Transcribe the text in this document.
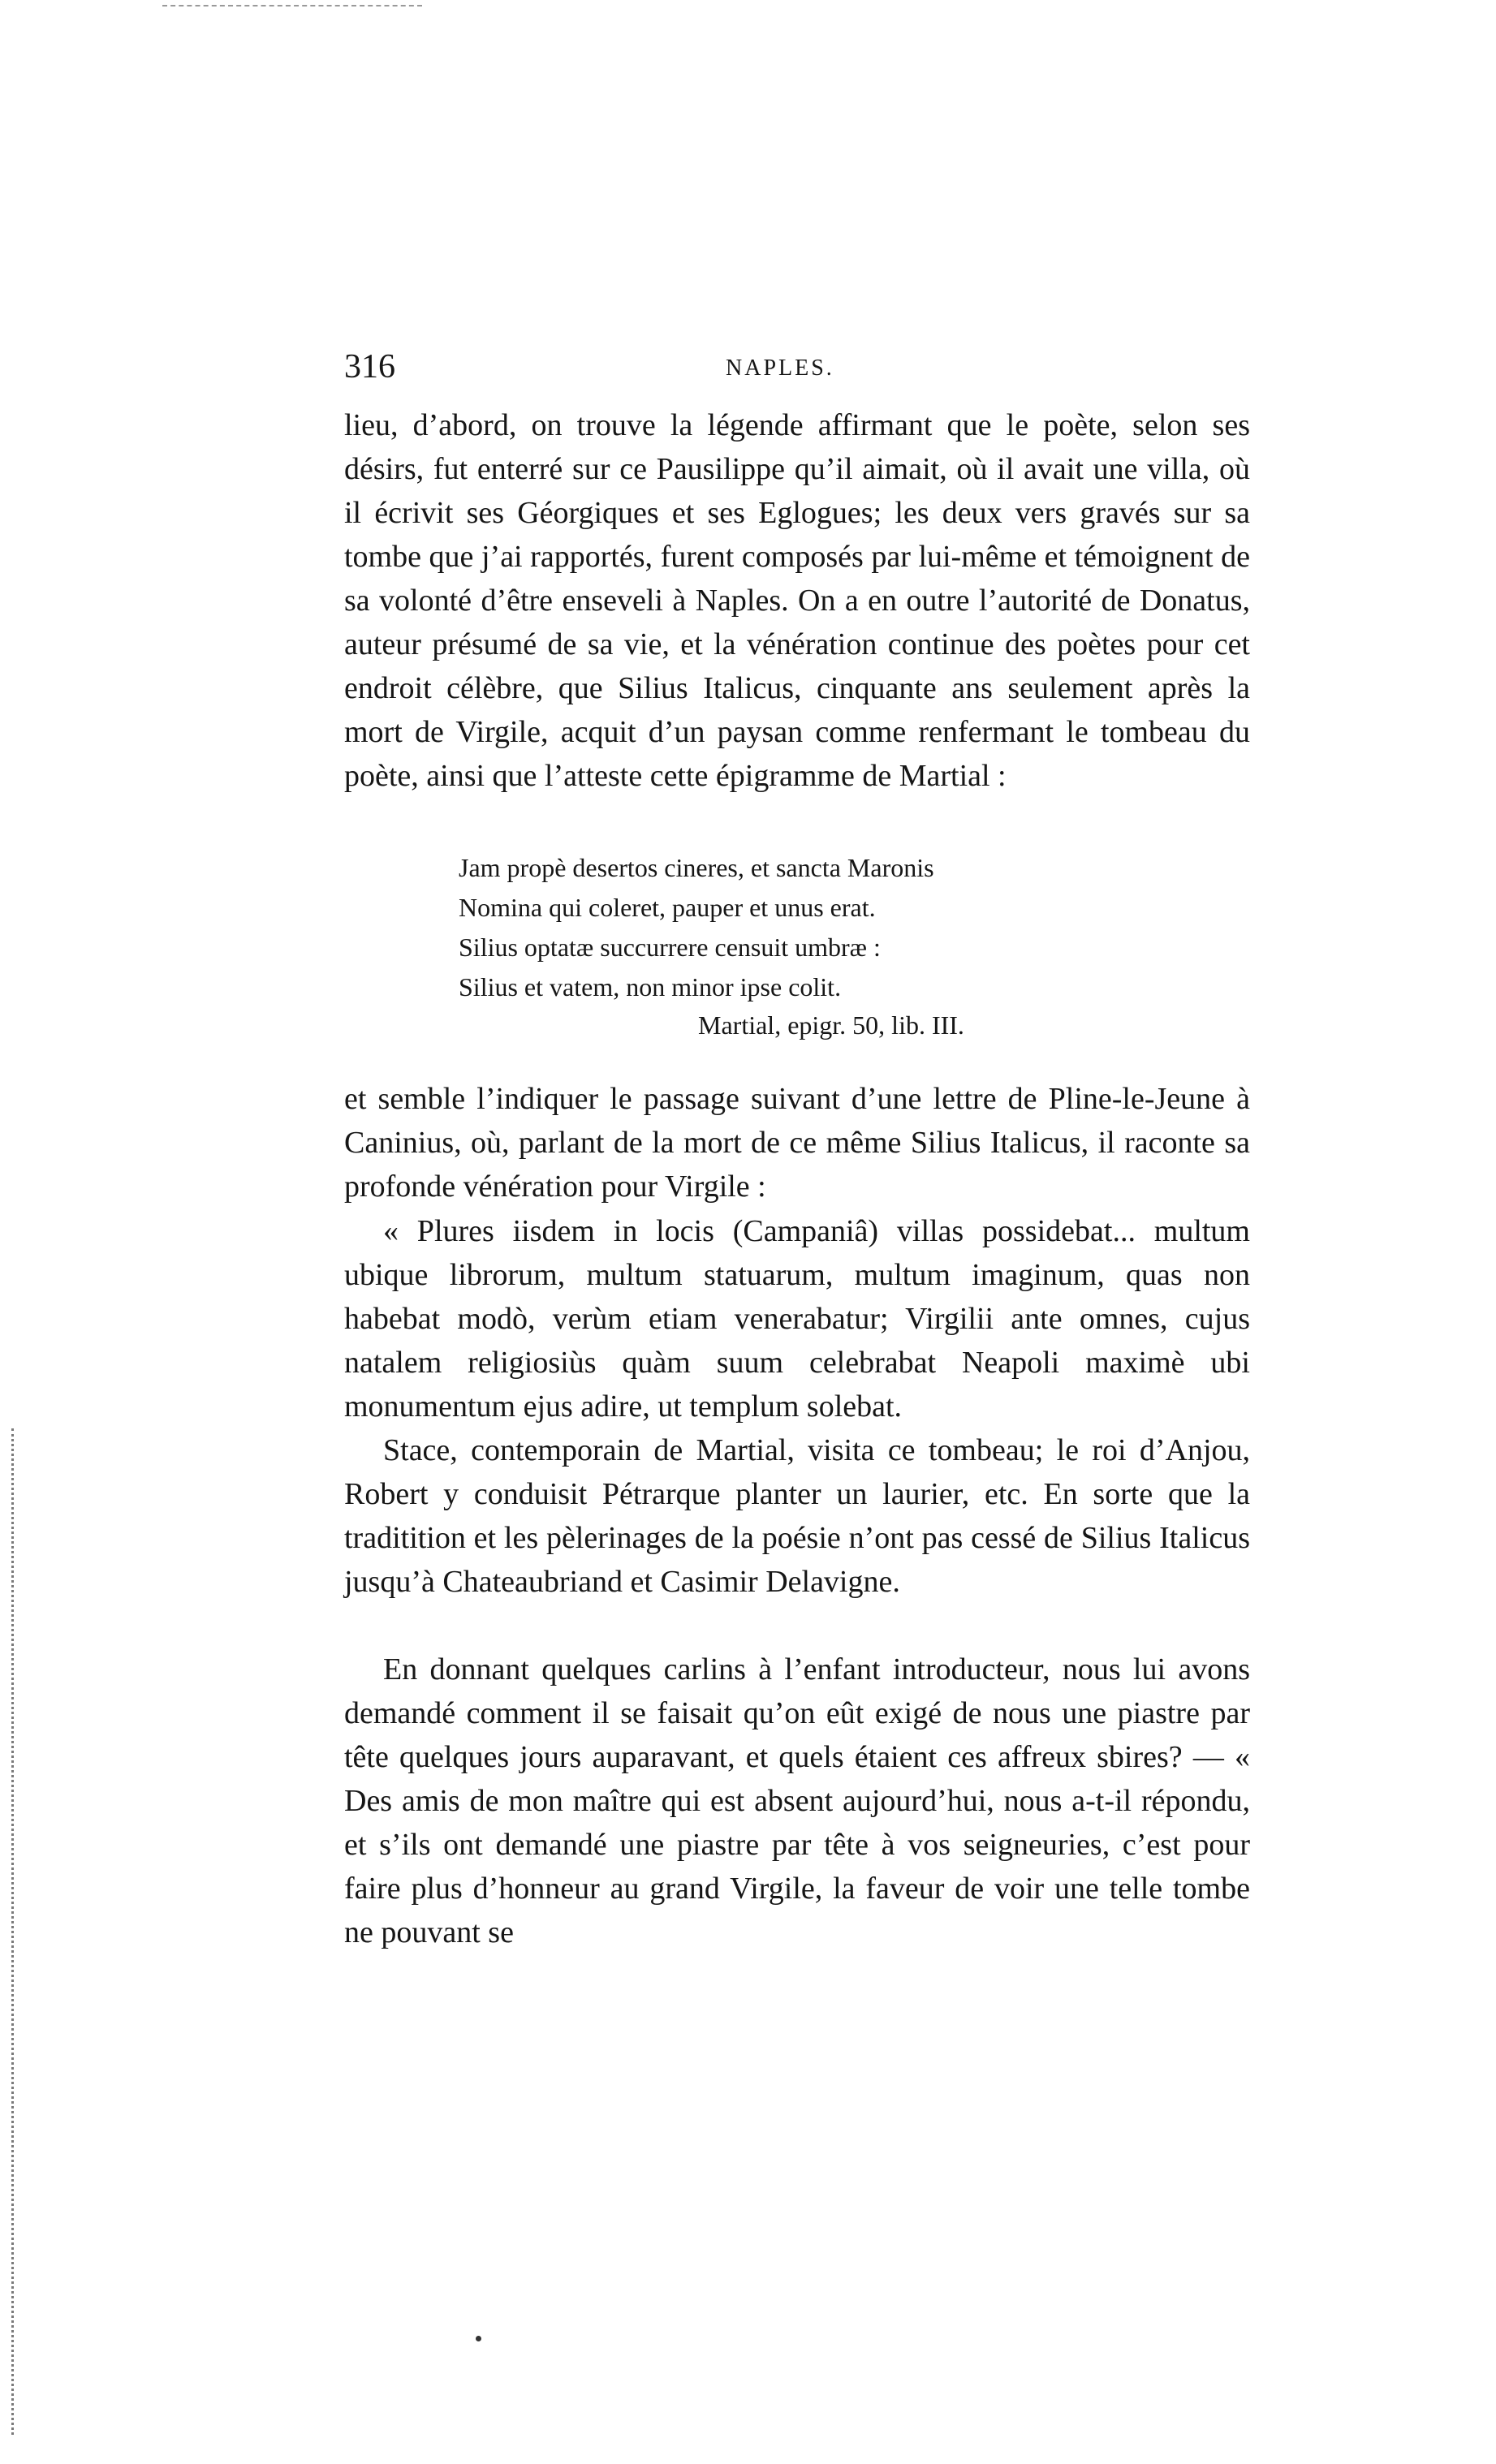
316	NAPLES.

lieu, d’abord, on trouve la légende affirmant que le poète, selon ses désirs, fut enterré sur ce Pausilippe qu’il aimait, où il avait une villa, où il écrivit ses Géorgiques et ses Eglogues; les deux vers gravés sur sa tombe que j’ai rapportés, furent composés par lui-même et témoignent de sa volonté d’être enseveli à Naples. On a en outre l’autorité de Donatus, auteur présumé de sa vie, et la vénération continue des poètes pour cet endroit célèbre, que Silius Italicus, cinquante ans seulement après la mort de Virgile, acquit d’un paysan comme renfermant le tombeau du poète, ainsi que l’atteste cette épigramme de Martial :

Jam propè desertos cineres, et sancta Maronis
Nomina qui coleret, pauper et unus erat.
Silius optatæ succurrere censuit umbræ :
Silius et vatem, non minor ipse colit.
Martial, epigr. 50, lib. III.

et semble l’indiquer le passage suivant d’une lettre de Pline-le-Jeune à Caninius, où, parlant de la mort de ce même Silius Italicus, il raconte sa profonde vénération pour Virgile :

« Plures iisdem in locis (Campaniâ) villas possidebat... multum ubique librorum, multum statuarum, multum imaginum, quas non habebat modò, verùm etiam venerabatur; Virgilii ante omnes, cujus natalem religiosiùs quàm suum celebrabat Neapoli maximè ubi monumentum ejus adire, ut templum solebat.

Stace, contemporain de Martial, visita ce tombeau; le roi d’Anjou, Robert y conduisit Pétrarque planter un laurier, etc. En sorte que la traditition et les pèlerinages de la poésie n’ont pas cessé de Silius Italicus jusqu’à Chateaubriand et Casimir Delavigne.

En donnant quelques carlins à l’enfant introducteur, nous lui avons demandé comment il se faisait qu’on eût exigé de nous une piastre par tête quelques jours auparavant, et quels étaient ces affreux sbires? — « Des amis de mon maître qui est absent aujourd’hui, nous a-t-il répondu, et s’ils ont demandé une piastre par tête à vos seigneuries, c’est pour faire plus d’honneur au grand Virgile, la faveur de voir une telle tombe ne pouvant se
